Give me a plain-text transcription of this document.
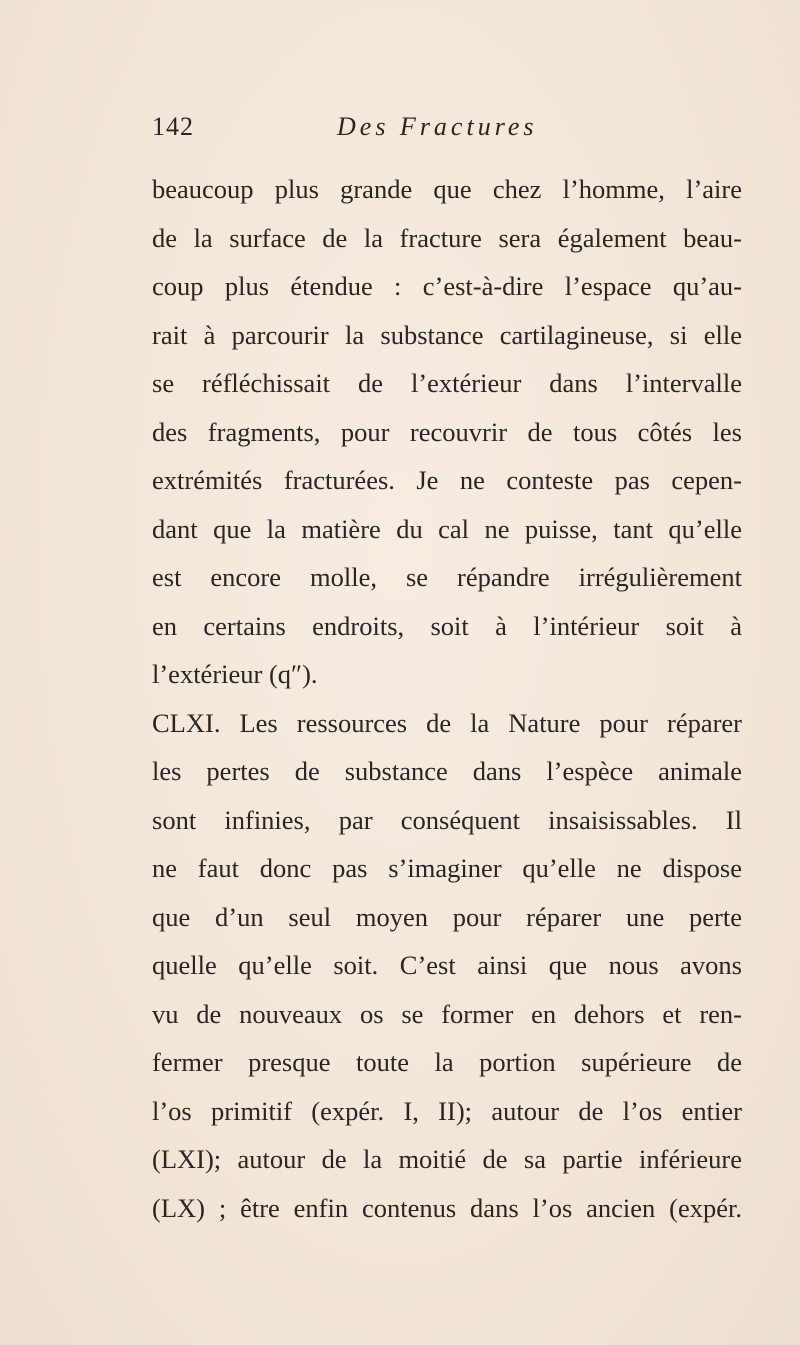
142	Des Fractures
beaucoup plus grande que chez l’homme, l’aire
de la surface de la fracture sera également beau-
coup plus étendue : c’est-à-dire l’espace qu’au-
rait à parcourir la substance cartilagineuse, si elle
se réfléchissait de l’extérieur dans l’intervalle
des fragments, pour recouvrir de tous côtés les
extrémités fracturées. Je ne conteste pas cepen-
dant que la matière du cal ne puisse, tant qu’elle
est encore molle, se répandre irrégulièrement
en certains endroits, soit à l’intérieur soit à
l’extérieur (q″).
CLXI. Les ressources de la Nature pour réparer
les pertes de substance dans l’espèce animale
sont infinies, par conséquent insaisissables. Il
ne faut donc pas s’imaginer qu’elle ne dispose
que d’un seul moyen pour réparer une perte
quelle qu’elle soit. C’est ainsi que nous avons
vu de nouveaux os se former en dehors et ren-
fermer presque toute la portion supérieure de
l’os primitif (expér. I, II); autour de l’os entier
(LXI); autour de la moitié de sa partie inférieure
(LX) ; être enfin contenus dans l’os ancien (expér.
